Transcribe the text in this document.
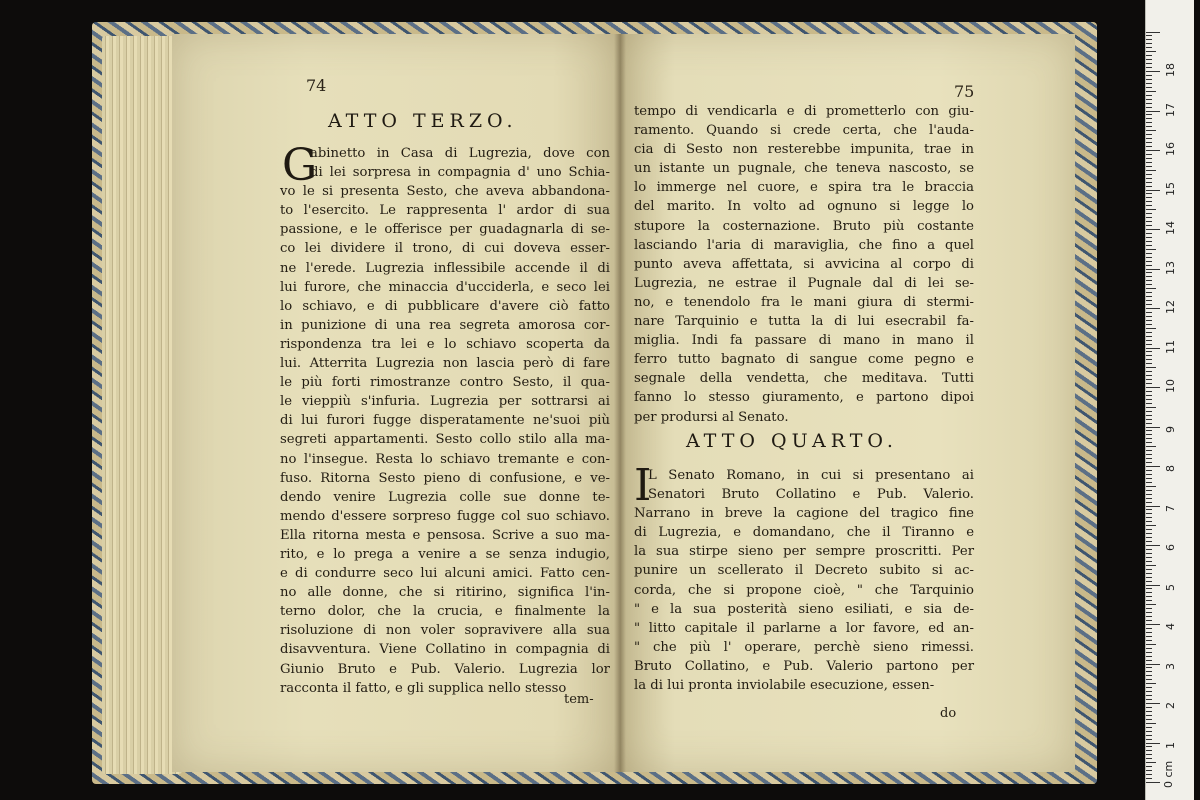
74
ATTO TERZO.
G
abinetto in Casa di Lugrezia, dove con
di lei sorpresa in compagnia d' uno Schia-
vo le si presenta Sesto, che aveva abbandona-
to l'esercito. Le rappresenta l' ardor di sua
passione, e le offerisce per guadagnarla di se-
co lei dividere il trono, di cui doveva esser-
ne l'erede. Lugrezia inflessibile accende il di
lui furore, che minaccia d'ucciderla, e seco lei
lo schiavo, e di pubblicare d'avere ciò fatto
in punizione di una rea segreta amorosa cor-
rispondenza tra lei e lo schiavo scoperta da
lui. Atterrita Lugrezia non lascia però di fare
le più forti rimostranze contro Sesto, il qua-
le vieppiù s'infuria. Lugrezia per sottrarsi ai
di lui furori fugge disperatamente ne'suoi più
segreti appartamenti. Sesto collo stilo alla ma-
no l'insegue. Resta lo schiavo tremante e con-
fuso. Ritorna Sesto pieno di confusione, e ve-
dendo venire Lugrezia colle sue donne te-
mendo d'essere sorpreso fugge col suo schiavo.
Ella ritorna mesta e pensosa. Scrive a suo ma-
rito, e lo prega a venire a se senza indugio,
e di condurre seco lui alcuni amici. Fatto cen-
no alle donne, che si ritirino, significa l'in-
terno dolor, che la crucia, e finalmente la
risoluzione di non voler sopravivere alla sua
disavventura. Viene Collatino in compagnia di
Giunio Bruto e Pub. Valerio. Lugrezia lor
racconta il fatto, e gli supplica nello stesso
tem-
75
tempo di vendicarla e di prometterlo con giu-
ramento. Quando si crede certa, che l'auda-
cia di Sesto non resterebbe impunita, trae in
un istante un pugnale, che teneva nascosto, se
lo immerge nel cuore, e spira tra le braccia
del marito. In volto ad ognuno si legge lo
stupore la costernazione. Bruto più costante
lasciando l'aria di maraviglia, che fino a quel
punto aveva affettata, si avvicina al corpo di
Lugrezia, ne estrae il Pugnale dal di lei se-
no, e tenendolo fra le mani giura di stermi-
nare Tarquinio e tutta la di lui esecrabil fa-
miglia. Indi fa passare di mano in mano il
ferro tutto bagnato di sangue come pegno e
segnale della vendetta, che meditava. Tutti
fanno lo stesso giuramento, e partono dipoi
per prodursi al Senato.
ATTO QUARTO.
I
L Senato Romano, in cui si presentano ai
Senatori Bruto Collatino e Pub. Valerio.
Narrano in breve la cagione del tragico fine
di Lugrezia, e domandano, che il Tiranno e
la sua stirpe sieno per sempre proscritti. Per
punire un scellerato il Decreto subito si ac-
corda, che si propone cioè, " che Tarquinio
" e la sua posterità sieno esiliati, e sia de-
" litto capitale il parlarne a lor favore, ed an-
" che più l' operare, perchè sieno rimessi.
Bruto Collatino, e Pub. Valerio partono per
la di lui pronta inviolabile esecuzione, essen-
do
0 cm
1
2
3
4
5
6
7
8
9
10
11
12
13
14
15
16
17
18
